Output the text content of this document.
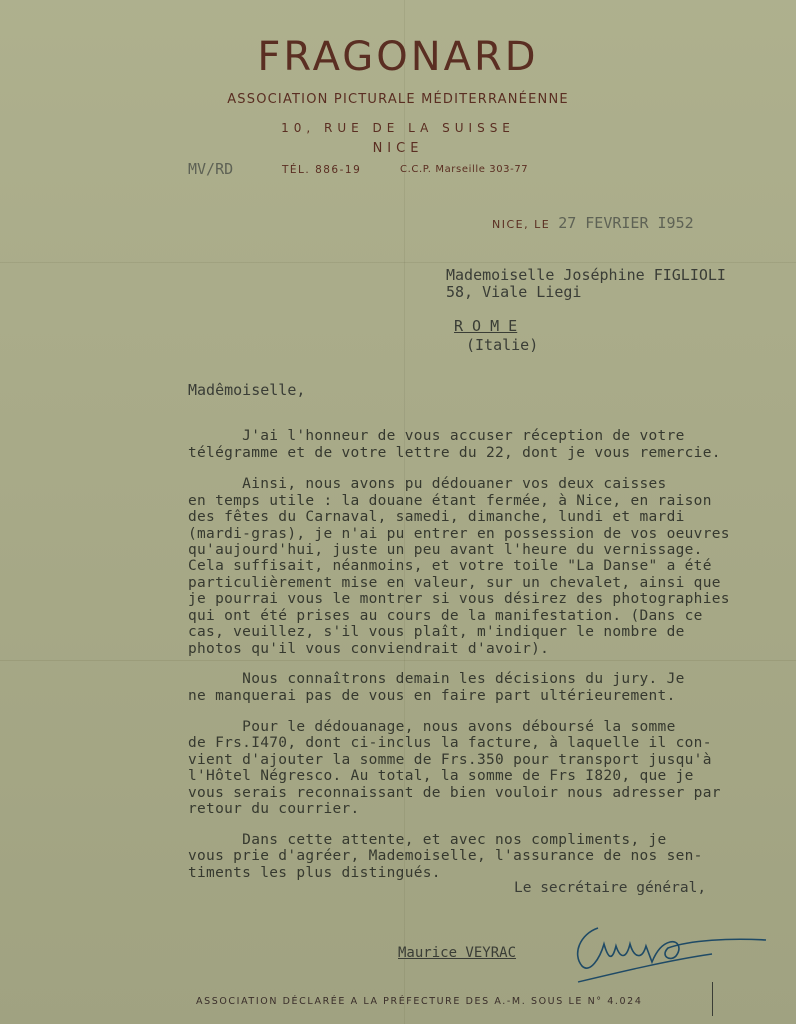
FRAGONARD
ASSOCIATION PICTURALE MÉDITERRANÉENNE
10, RUE DE LA SUISSE
NICE
MV/RD	TÉL. 886-19	C.C.P. Marseille 303-77
NICE, LE 27 FEVRIER I952
Mademoiselle Joséphine FIGLIOLI
58, Viale Liegi

R O M E
(Italie)

Madêmoiselle,
J'ai l'honneur de vous accuser réception de votre
télégramme et de votre lettre du 22, dont je vous remercie.
Ainsi, nous avons pu dédouaner vos deux caisses
en temps utile : la douane étant fermée, à Nice, en raison
des fêtes du Carnaval, samedi, dimanche, lundi et mardi
(mardi-gras), je n'ai pu entrer en possession de vos oeuvres
qu'aujourd'hui, juste un peu avant l'heure du vernissage.
Cela suffisait, néanmoins, et votre toile "La Danse" a été
particulièrement mise en valeur, sur un chevalet, ainsi que
je pourrai vous le montrer si vous désirez des photographies
qui ont été prises au cours de la manifestation. (Dans ce
cas, veuillez, s'il vous plaît, m'indiquer le nombre de
photos qu'il vous conviendrait d'avoir).
Nous connaîtrons demain les décisions du jury. Je
ne manquerai pas de vous en faire part ultérieurement.
Pour le dédouanage, nous avons déboursé la somme
de Frs.I470, dont ci-inclus la facture, à laquelle il con-
vient d'ajouter la somme de Frs.350 pour transport jusqu'à
l'Hôtel Négresco. Au total, la somme de Frs I820, que je
vous serais reconnaissant de bien vouloir nous adresser par
retour du courrier.
Dans cette attente, et avec nos compliments, je
vous prie d'agréer, Mademoiselle, l'assurance de nos sen-
timents les plus distingués.
Le secrétaire général,
Maurice VEYRAC
ASSOCIATION DÉCLARÉE A LA PRÉFECTURE DES A.-M. SOUS LE N° 4.024
